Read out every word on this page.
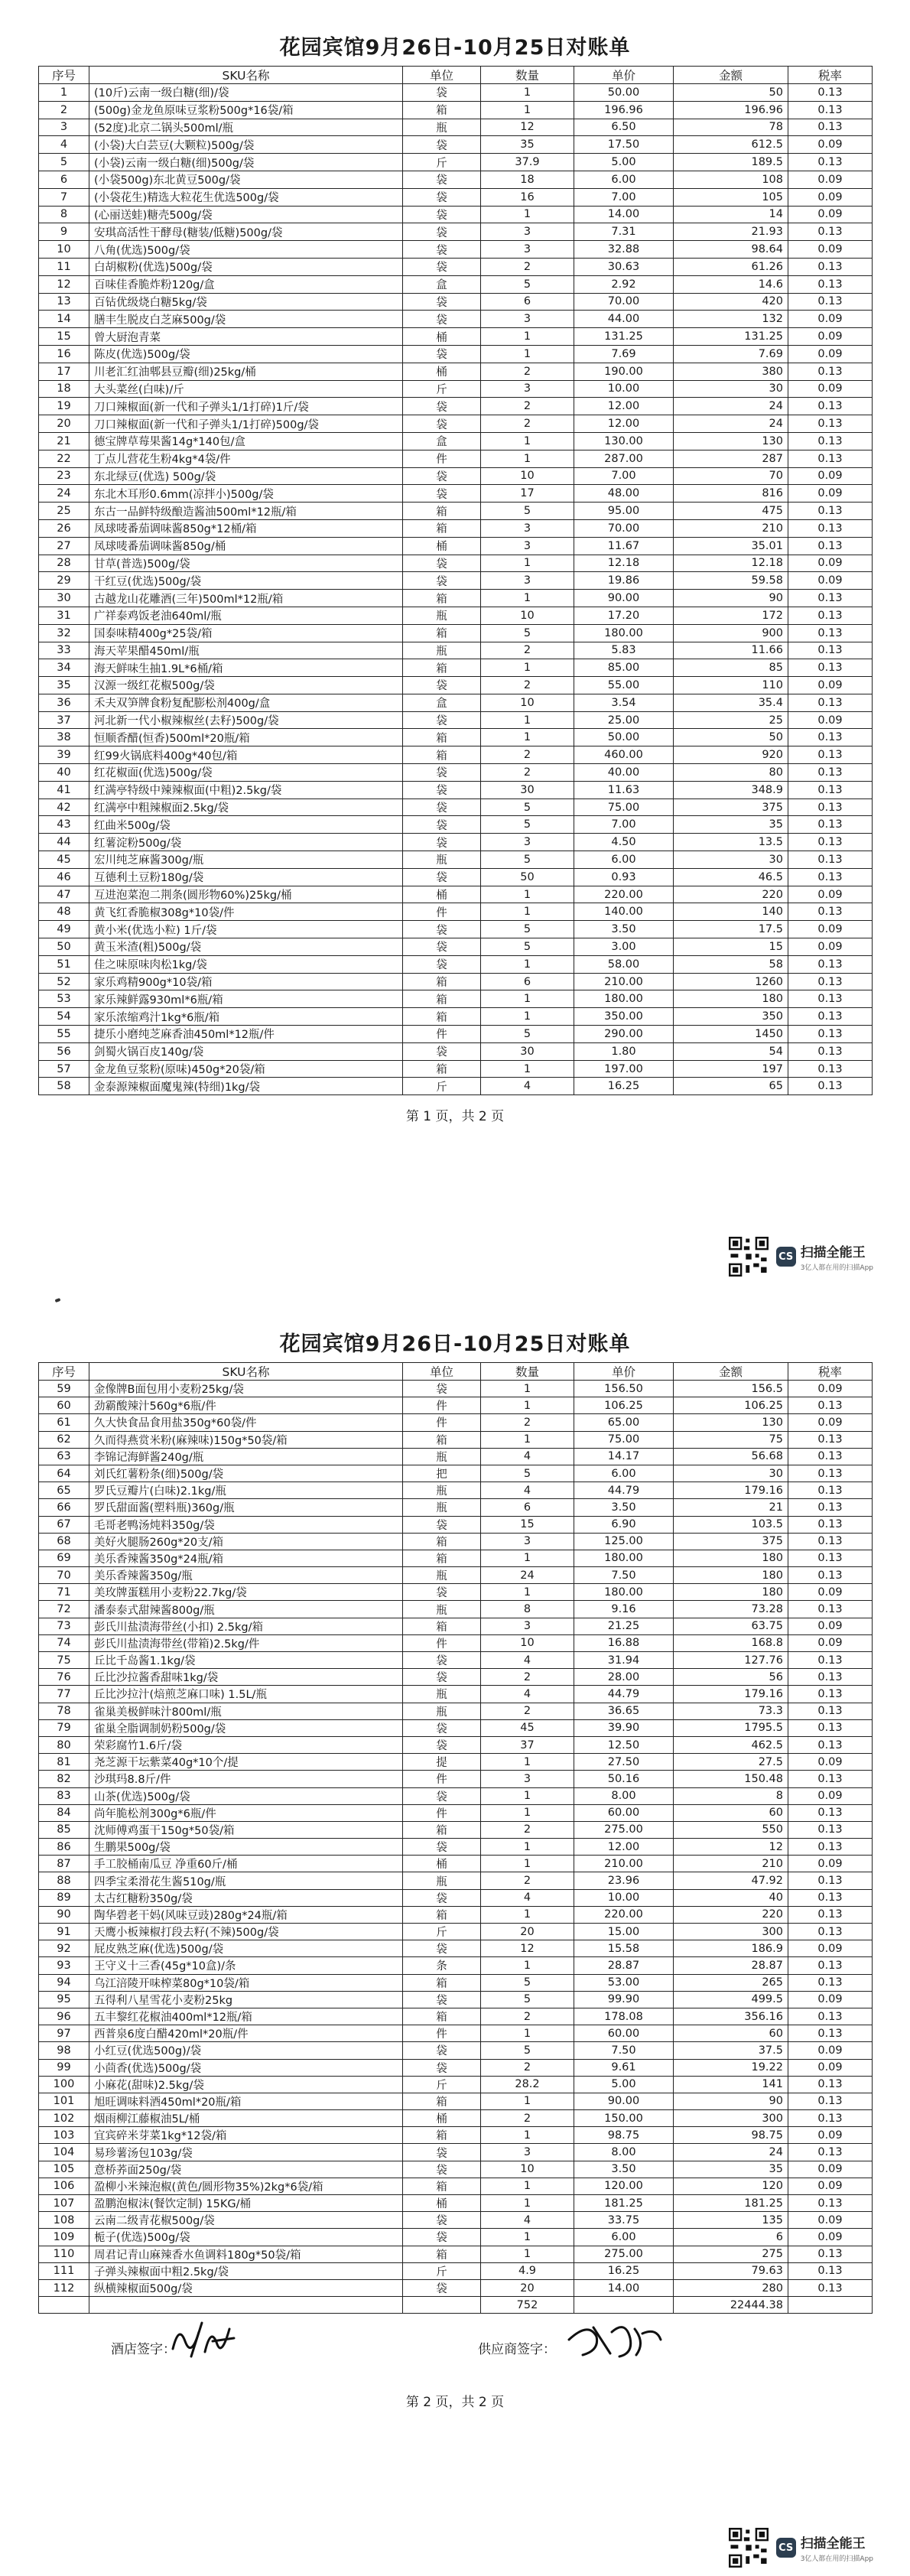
花园宾馆9月26日-10月25日对账单
序号	SKU名称	单位	数量	单价	金额	税率
1	(10斤)云南一级白糖(细)/袋	袋	1	50.00	50	0.13
2	(500g)金龙鱼原味豆浆粉500g*16袋/箱	箱	1	196.96	196.96	0.13
3	(52度)北京二锅头500ml/瓶	瓶	12	6.50	78	0.13
4	(小袋)大白芸豆(大颗粒)500g/袋	袋	35	17.50	612.5	0.09
5	(小袋)云南一级白糖(细)500g/袋	斤	37.9	5.00	189.5	0.13
6	(小袋500g)东北黄豆500g/袋	袋	18	6.00	108	0.09
7	(小袋花生)精选大粒花生优选500g/袋	袋	16	7.00	105	0.09
8	(心丽送蛙)糖壳500g/袋	袋	1	14.00	14	0.09
9	安琪高活性干酵母(糖装/低糖)500g/袋	袋	3	7.31	21.93	0.13
10	八角(优选)500g/袋	袋	3	32.88	98.64	0.09
11	白胡椒粉(优选)500g/袋	袋	2	30.63	61.26	0.13
12	百味佳香脆炸粉120g/盒	盒	5	2.92	14.6	0.13
13	百钻优级烧白糖5kg/袋	袋	6	70.00	420	0.13
14	膳丰生脱皮白芝麻500g/袋	袋	3	44.00	132	0.09
15	曾大厨泡青菜	桶	1	131.25	131.25	0.09
16	陈皮(优选)500g/袋	袋	1	7.69	7.69	0.09
17	川老汇红油郫县豆瓣(细)25kg/桶	桶	2	190.00	380	0.13
18	大头菜丝(白味)/斤	斤	3	10.00	30	0.09
19	刀口辣椒面(新一代和子弹头1/1打碎)1斤/袋	袋	2	12.00	24	0.13
20	刀口辣椒面(新一代和子弹头1/1打碎)500g/袋	袋	2	12.00	24	0.13
21	德宝牌草莓果酱14g*140包/盒	盒	1	130.00	130	0.13
22	丁点儿营花生粉4kg*4袋/件	件	1	287.00	287	0.13
23	东北绿豆(优选) 500g/袋	袋	10	7.00	70	0.09
24	东北木耳形0.6mm(凉拌小)500g/袋	袋	17	48.00	816	0.09
25	东古一品鲜特级酿造酱油500ml*12瓶/箱	箱	5	95.00	475	0.13
26	凤球唛番茄调味酱850g*12桶/箱	箱	3	70.00	210	0.13
27	凤球唛番茄调味酱850g/桶	桶	3	11.67	35.01	0.13
28	甘草(普选)500g/袋	袋	1	12.18	12.18	0.09
29	干红豆(优选)500g/袋	袋	3	19.86	59.58	0.09
30	古越龙山花雕酒(三年)500ml*12瓶/箱	箱	1	90.00	90	0.13
31	广祥泰鸡饭老油640ml/瓶	瓶	10	17.20	172	0.13
32	国泰味精400g*25袋/箱	箱	5	180.00	900	0.13
33	海天苹果醋450ml/瓶	瓶	2	5.83	11.66	0.13
34	海天鲜味生抽1.9L*6桶/箱	箱	1	85.00	85	0.13
35	汉源一级红花椒500g/袋	袋	2	55.00	110	0.09
36	禾夫双笋牌食粉复配膨松剂400g/盒	盒	10	3.54	35.4	0.13
37	河北新一代小椒辣椒丝(去籽)500g/袋	袋	1	25.00	25	0.09
38	恒顺香醋(恒香)500ml*20瓶/箱	箱	1	50.00	50	0.13
39	红99火锅底料400g*40包/箱	箱	2	460.00	920	0.13
40	红花椒面(优选)500g/袋	袋	2	40.00	80	0.13
41	红满亭特级中辣辣椒面(中粗)2.5kg/袋	袋	30	11.63	348.9	0.13
42	红满亭中粗辣椒面2.5kg/袋	袋	5	75.00	375	0.13
43	红曲米500g/袋	袋	5	7.00	35	0.13
44	红薯淀粉500g/袋	袋	3	4.50	13.5	0.13
45	宏川纯芝麻酱300g/瓶	瓶	5	6.00	30	0.13
46	互德利土豆粉180g/袋	袋	50	0.93	46.5	0.13
47	互进泡菜泡二荆条(圆形物60%)25kg/桶	桶	1	220.00	220	0.09
48	黄飞红香脆椒308g*10袋/件	件	1	140.00	140	0.13
49	黄小米(优选小粒) 1斤/袋	袋	5	3.50	17.5	0.09
50	黄玉米渣(粗)500g/袋	袋	5	3.00	15	0.09
51	佳之味原味肉松1kg/袋	袋	1	58.00	58	0.13
52	家乐鸡精900g*10袋/箱	箱	6	210.00	1260	0.13
53	家乐辣鲜露930ml*6瓶/箱	箱	1	180.00	180	0.13
54	家乐浓缩鸡汁1kg*6瓶/箱	箱	1	350.00	350	0.13
55	捷乐小磨纯芝麻香油450ml*12瓶/件	件	5	290.00	1450	0.13
56	剑蜀火锅百皮140g/袋	袋	30	1.80	54	0.13
57	金龙鱼豆浆粉(原味)450g*20袋/箱	箱	1	197.00	197	0.13
58	金泰源辣椒面魔鬼辣(特细)1kg/袋	斤	4	16.25	65	0.13
第 1 页，共 2 页
CS 扫描全能王
3亿人都在用的扫描App
花园宾馆9月26日-10月25日对账单
序号	SKU名称	单位	数量	单价	金额	税率
59	金像牌B面包用小麦粉25kg/袋	袋	1	156.50	156.5	0.09
60	劲霸酸辣汁560g*6瓶/件	件	1	106.25	106.25	0.13
61	久大快食品食用盐350g*60袋/件	件	2	65.00	130	0.09
62	久而得燕赏米粉(麻辣味)150g*50袋/箱	箱	1	75.00	75	0.13
63	李锦记海鲜酱240g/瓶	瓶	4	14.17	56.68	0.13
64	刘氏红薯粉条(细)500g/袋	把	5	6.00	30	0.13
65	罗氏豆瓣片(白味)2.1kg/瓶	瓶	4	44.79	179.16	0.13
66	罗氏甜面酱(塑料瓶)360g/瓶	瓶	6	3.50	21	0.13
67	毛哥老鸭汤炖料350g/袋	袋	15	6.90	103.5	0.13
68	美好火腿肠260g*20支/箱	箱	3	125.00	375	0.13
69	美乐香辣酱350g*24瓶/箱	箱	1	180.00	180	0.13
70	美乐香辣酱350g/瓶	瓶	24	7.50	180	0.13
71	美玫牌蛋糕用小麦粉22.7kg/袋	袋	1	180.00	180	0.09
72	潘泰泰式甜辣酱800g/瓶	瓶	8	9.16	73.28	0.13
73	彭氏川盐渍海带丝(小扣) 2.5kg/箱	箱	3	21.25	63.75	0.09
74	彭氏川盐渍海带丝(带箱)2.5kg/件	件	10	16.88	168.8	0.09
75	丘比千岛酱1.1kg/袋	袋	4	31.94	127.76	0.13
76	丘比沙拉酱香甜味1kg/袋	袋	2	28.00	56	0.13
77	丘比沙拉汁(焙煎芝麻口味) 1.5L/瓶	瓶	4	44.79	179.16	0.13
78	雀巢美极鲜味汁800ml/瓶	瓶	2	36.65	73.3	0.13
79	雀巢全脂调制奶粉500g/袋	袋	45	39.90	1795.5	0.13
80	荣彩腐竹1.6斤/袋	袋	37	12.50	462.5	0.13
81	尧芝源干坛紫菜40g*10个/提	提	1	27.50	27.5	0.09
82	沙琪玛8.8斤/件	件	3	50.16	150.48	0.13
83	山茶(优选)500g/袋	袋	1	8.00	8	0.09
84	尚年脆松剂300g*6瓶/件	件	1	60.00	60	0.13
85	沈师傅鸡蛋干150g*50袋/箱	箱	2	275.00	550	0.13
86	生鹏果500g/袋	袋	1	12.00	12	0.13
87	手工胶桶南瓜豆 净重60斤/桶	桶	1	210.00	210	0.09
88	四季宝柔滑花生酱510g/瓶	瓶	2	23.96	47.92	0.13
89	太古红糖粉350g/袋	袋	4	10.00	40	0.13
90	陶华碧老干妈(风味豆豉)280g*24瓶/箱	箱	1	220.00	220	0.13
91	天鹰小板辣椒打段去籽(不辣)500g/袋	斤	20	15.00	300	0.13
92	屁皮熟芝麻(优选)500g/袋	袋	12	15.58	186.9	0.09
93	王守义十三香(45g*10盒)/条	条	1	28.87	28.87	0.13
94	乌江涪陵开味榨菜80g*10袋/箱	箱	5	53.00	265	0.13
95	五得利八星雪花小麦粉25kg	袋	5	99.90	499.5	0.09
96	五丰黎红花椒油400ml*12瓶/箱	箱	2	178.08	356.16	0.13
97	西普泉6度白醋420ml*20瓶/件	件	1	60.00	60	0.13
98	小红豆(优选500g)/袋	袋	5	7.50	37.5	0.09
99	小茴香(优选)500g/袋	袋	2	9.61	19.22	0.09
100	小麻花(甜味)2.5kg/袋	斤	28.2	5.00	141	0.13
101	旭旺调味料酒450ml*20瓶/箱	箱	1	90.00	90	0.13
102	烟雨柳江藤椒油5L/桶	桶	2	150.00	300	0.13
103	宜宾碎米芽菜1kg*12袋/箱	箱	1	98.75	98.75	0.09
104	易珍薯汤包103g/袋	袋	3	8.00	24	0.13
105	意桥荞面250g/袋	袋	10	3.50	35	0.09
106	盈柳小米辣泡椒(黄色/圆形物35%)2kg*6袋/箱	箱	1	120.00	120	0.09
107	盈鹏泡椒沫(餐饮定制) 15KG/桶	桶	1	181.25	181.25	0.13
108	云南二级青花椒500g/袋	袋	4	33.75	135	0.09
109	栀子(优选)500g/袋	袋	1	6.00	6	0.09
110	周君记青山麻辣香水鱼调料180g*50袋/箱	箱	1	275.00	275	0.13
111	子弹头辣椒面中粗2.5kg/袋	斤	4.9	16.25	79.63	0.13
112	纵横辣椒面500g/袋	袋	20	14.00	280	0.13
			752		22444.38	
酒店签字：	供应商签字：
第 2 页，共 2 页
CS 扫描全能王
3亿人都在用的扫描App
